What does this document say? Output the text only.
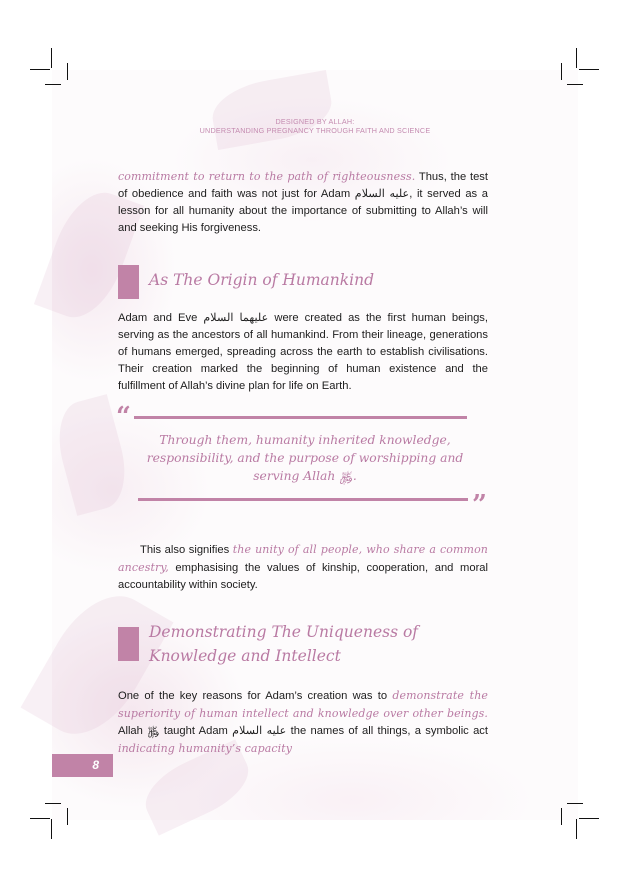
DESIGNED BY ALLAH:
UNDERSTANDING PREGNANCY THROUGH FAITH AND SCIENCE

commitment to return to the path of righteousness. Thus, the test of obedience and faith was not just for Adam عليه السلام, it served as a lesson for all humanity about the importance of submitting to Allah’s will and seeking His forgiveness.

As The Origin of Humankind

Adam and Eve عليهما السلام were created as the first human beings, serving as the ancestors of all humankind. From their lineage, generations of humans emerged, spreading across the earth to establish civilisations. Their creation marked the beginning of human existence and the fulfillment of Allah’s divine plan for life on Earth.

“
Through them, humanity inherited knowledge, responsibility, and the purpose of worshipping and serving Allah ﷿.
”

This also signifies the unity of all people, who share a common ancestry, emphasising the values of kinship, cooperation, and moral accountability within society.

Demonstrating The Uniqueness of Knowledge and Intellect

One of the key reasons for Adam’s creation was to demonstrate the superiority of human intellect and knowledge over other beings. Allah ﷿ taught Adam عليه السلام the names of all things, a symbolic act indicating humanity’s capacity

8
